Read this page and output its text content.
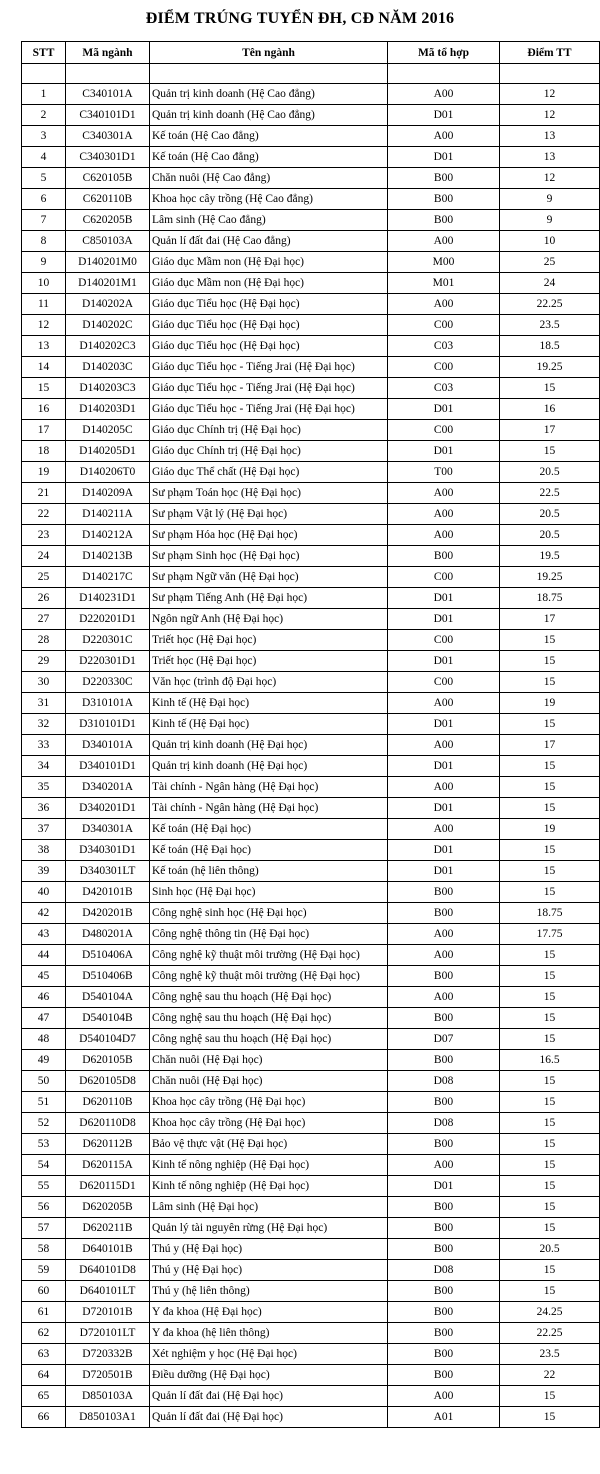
ĐIỂM TRÚNG TUYỂN ĐH, CĐ NĂM 2016
STT	Mã ngành	Tên ngành	Mã tổ hợp	Điểm TT

1	C340101A	Quản trị kinh doanh (Hệ Cao đẳng)	A00	12
2	C340101D1	Quản trị kinh doanh (Hệ Cao đẳng)	D01	12
3	C340301A	Kế toán (Hệ Cao đẳng)	A00	13
4	C340301D1	Kế toán (Hệ Cao đẳng)	D01	13
5	C620105B	Chăn nuôi (Hệ Cao đẳng)	B00	12
6	C620110B	Khoa học cây trồng (Hệ Cao đẳng)	B00	9
7	C620205B	Lâm sinh (Hệ Cao đẳng)	B00	9
8	C850103A	Quản lí đất đai (Hệ Cao đẳng)	A00	10
9	D140201M0	Giáo dục Mầm non (Hệ Đại học)	M00	25
10	D140201M1	Giáo dục Mầm non (Hệ Đại học)	M01	24
11	D140202A	Giáo dục Tiểu học (Hệ Đại học)	A00	22.25
12	D140202C	Giáo dục Tiểu học (Hệ Đại học)	C00	23.5
13	D140202C3	Giáo dục Tiểu học (Hệ Đại học)	C03	18.5
14	D140203C	Giáo dục Tiểu học - Tiếng Jrai (Hệ Đại học)	C00	19.25
15	D140203C3	Giáo dục Tiểu học - Tiếng Jrai (Hệ Đại học)	C03	15
16	D140203D1	Giáo dục Tiểu học - Tiếng Jrai (Hệ Đại học)	D01	16
17	D140205C	Giáo dục Chính trị (Hệ Đại học)	C00	17
18	D140205D1	Giáo dục Chính trị (Hệ Đại học)	D01	15
19	D140206T0	Giáo dục Thể chất (Hệ Đại học)	T00	20.5
21	D140209A	Sư phạm Toán học (Hệ Đại học)	A00	22.5
22	D140211A	Sư phạm Vật lý (Hệ Đại học)	A00	20.5
23	D140212A	Sư phạm Hóa học (Hệ Đại học)	A00	20.5
24	D140213B	Sư phạm Sinh học (Hệ Đại học)	B00	19.5
25	D140217C	Sư phạm Ngữ văn (Hệ Đại học)	C00	19.25
26	D140231D1	Sư phạm Tiếng Anh (Hệ Đại học)	D01	18.75
27	D220201D1	Ngôn ngữ Anh (Hệ Đại học)	D01	17
28	D220301C	Triết học (Hệ Đại học)	C00	15
29	D220301D1	Triết học (Hệ Đại học)	D01	15
30	D220330C	Văn học (trình độ Đại học)	C00	15
31	D310101A	Kinh tế (Hệ Đại học)	A00	19
32	D310101D1	Kinh tế (Hệ Đại học)	D01	15
33	D340101A	Quản trị kinh doanh (Hệ Đại học)	A00	17
34	D340101D1	Quản trị kinh doanh (Hệ Đại học)	D01	15
35	D340201A	Tài chính - Ngân hàng (Hệ Đại học)	A00	15
36	D340201D1	Tài chính - Ngân hàng (Hệ Đại học)	D01	15
37	D340301A	Kế toán (Hệ Đại học)	A00	19
38	D340301D1	Kế toán (Hệ Đại học)	D01	15
39	D340301LT	Kế toán (hệ liên thông)	D01	15
40	D420101B	Sinh học (Hệ Đại học)	B00	15
42	D420201B	Công nghệ sinh học (Hệ Đại học)	B00	18.75
43	D480201A	Công nghệ thông tin (Hệ Đại học)	A00	17.75
44	D510406A	Công nghệ kỹ thuật môi trường (Hệ Đại học)	A00	15
45	D510406B	Công nghệ kỹ thuật môi trường (Hệ Đại học)	B00	15
46	D540104A	Công nghệ sau thu hoạch (Hệ Đại học)	A00	15
47	D540104B	Công nghệ sau thu hoạch (Hệ Đại học)	B00	15
48	D540104D7	Công nghệ sau thu hoạch (Hệ Đại học)	D07	15
49	D620105B	Chăn nuôi (Hệ Đại học)	B00	16.5
50	D620105D8	Chăn nuôi (Hệ Đại học)	D08	15
51	D620110B	Khoa học cây trồng (Hệ Đại học)	B00	15
52	D620110D8	Khoa học cây trồng (Hệ Đại học)	D08	15
53	D620112B	Bảo vệ thực vật (Hệ Đại học)	B00	15
54	D620115A	Kinh tế nông nghiệp (Hệ Đại học)	A00	15
55	D620115D1	Kinh tế nông nghiệp (Hệ Đại học)	D01	15
56	D620205B	Lâm sinh (Hệ Đại học)	B00	15
57	D620211B	Quản lý tài nguyên rừng (Hệ Đại học)	B00	15
58	D640101B	Thú y (Hệ Đại học)	B00	20.5
59	D640101D8	Thú y (Hệ Đại học)	D08	15
60	D640101LT	Thú y (hệ liên thông)	B00	15
61	D720101B	Y đa khoa (Hệ Đại học)	B00	24.25
62	D720101LT	Y đa khoa (hệ liên thông)	B00	22.25
63	D720332B	Xét nghiệm y học (Hệ Đại học)	B00	23.5
64	D720501B	Điều dưỡng (Hệ Đại học)	B00	22
65	D850103A	Quản lí đất đai (Hệ Đại học)	A00	15
66	D850103A1	Quản lí đất đai (Hệ Đại học)	A01	15
